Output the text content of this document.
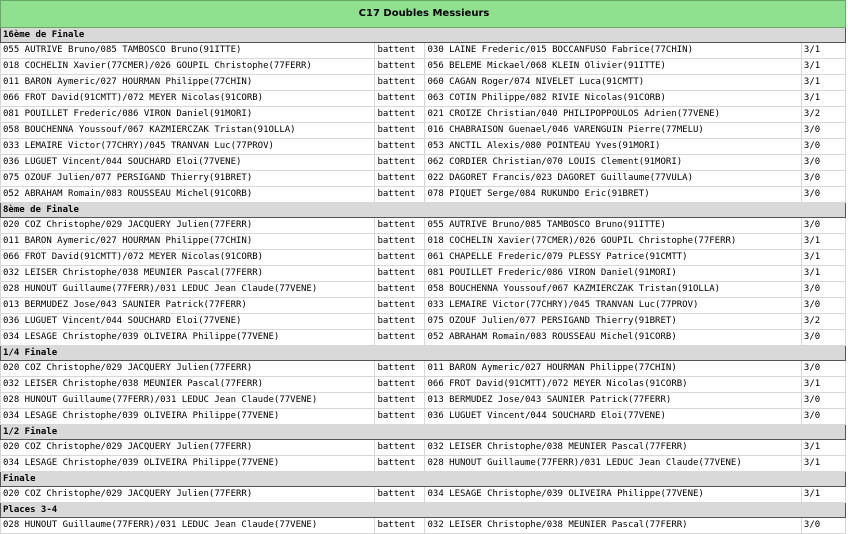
C17 Doubles Messieurs			
16ème de Finale			
055 AUTRIVE Bruno/085 TAMBOSCO Bruno(91ITTE)	battent	030 LAINE Frederic/015 BOCCANFUSO Fabrice(77CHIN)	3/1
018 COCHELIN Xavier(77CMER)/026 GOUPIL Christophe(77FERR)	battent	056 BELEME Mickael/068 KLEIN Olivier(91ITTE)	3/1
011 BARON Aymeric/027 HOURMAN Philippe(77CHIN)	battent	060 CAGAN Roger/074 NIVELET Luca(91CMTT)	3/1
066 FROT David(91CMTT)/072 MEYER Nicolas(91CORB)	battent	063 COTIN Philippe/082 RIVIE Nicolas(91CORB)	3/1
081 POUILLET Frederic/086 VIRON Daniel(91MORI)	battent	021 CROIZE Christian/040 PHILIPOPPOULOS Adrien(77VENE)	3/2
058 BOUCHENNA Youssouf/067 KAZMIERCZAK Tristan(91OLLA)	battent	016 CHABRAISON Guenael/046 VARENGUIN Pierre(77MELU)	3/0
033 LEMAIRE Victor(77CHRY)/045 TRANVAN Luc(77PROV)	battent	053 ANCTIL Alexis/080 POINTEAU Yves(91MORI)	3/0
036 LUGUET Vincent/044 SOUCHARD Eloi(77VENE)	battent	062 CORDIER Christian/070 LOUIS Clement(91MORI)	3/0
075 OZOUF Julien/077 PERSIGAND Thierry(91BRET)	battent	022 DAGORET Francis/023 DAGORET Guillaume(77VULA)	3/0
052 ABRAHAM Romain/083 ROUSSEAU Michel(91CORB)	battent	078 PIQUET Serge/084 RUKUNDO Eric(91BRET)	3/0
8ème de Finale			
020 COZ Christophe/029 JACQUERY Julien(77FERR)	battent	055 AUTRIVE Bruno/085 TAMBOSCO Bruno(91ITTE)	3/0
011 BARON Aymeric/027 HOURMAN Philippe(77CHIN)	battent	018 COCHELIN Xavier(77CMER)/026 GOUPIL Christophe(77FERR)	3/1
066 FROT David(91CMTT)/072 MEYER Nicolas(91CORB)	battent	061 CHAPELLE Frederic/079 PLESSY Patrice(91CMTT)	3/1
032 LEISER Christophe/038 MEUNIER Pascal(77FERR)	battent	081 POUILLET Frederic/086 VIRON Daniel(91MORI)	3/1
028 HUNOUT Guillaume(77FERR)/031 LEDUC Jean Claude(77VENE)	battent	058 BOUCHENNA Youssouf/067 KAZMIERCZAK Tristan(91OLLA)	3/0
013 BERMUDEZ Jose/043 SAUNIER Patrick(77FERR)	battent	033 LEMAIRE Victor(77CHRY)/045 TRANVAN Luc(77PROV)	3/0
036 LUGUET Vincent/044 SOUCHARD Eloi(77VENE)	battent	075 OZOUF Julien/077 PERSIGAND Thierry(91BRET)	3/2
034 LESAGE Christophe/039 OLIVEIRA Philippe(77VENE)	battent	052 ABRAHAM Romain/083 ROUSSEAU Michel(91CORB)	3/0
1/4 Finale			
020 COZ Christophe/029 JACQUERY Julien(77FERR)	battent	011 BARON Aymeric/027 HOURMAN Philippe(77CHIN)	3/0
032 LEISER Christophe/038 MEUNIER Pascal(77FERR)	battent	066 FROT David(91CMTT)/072 MEYER Nicolas(91CORB)	3/1
028 HUNOUT Guillaume(77FERR)/031 LEDUC Jean Claude(77VENE)	battent	013 BERMUDEZ Jose/043 SAUNIER Patrick(77FERR)	3/0
034 LESAGE Christophe/039 OLIVEIRA Philippe(77VENE)	battent	036 LUGUET Vincent/044 SOUCHARD Eloi(77VENE)	3/0
1/2 Finale			
020 COZ Christophe/029 JACQUERY Julien(77FERR)	battent	032 LEISER Christophe/038 MEUNIER Pascal(77FERR)	3/1
034 LESAGE Christophe/039 OLIVEIRA Philippe(77VENE)	battent	028 HUNOUT Guillaume(77FERR)/031 LEDUC Jean Claude(77VENE)	3/1
Finale			
020 COZ Christophe/029 JACQUERY Julien(77FERR)	battent	034 LESAGE Christophe/039 OLIVEIRA Philippe(77VENE)	3/1
Places 3-4			
028 HUNOUT Guillaume(77FERR)/031 LEDUC Jean Claude(77VENE)	battent	032 LEISER Christophe/038 MEUNIER Pascal(77FERR)	3/0
